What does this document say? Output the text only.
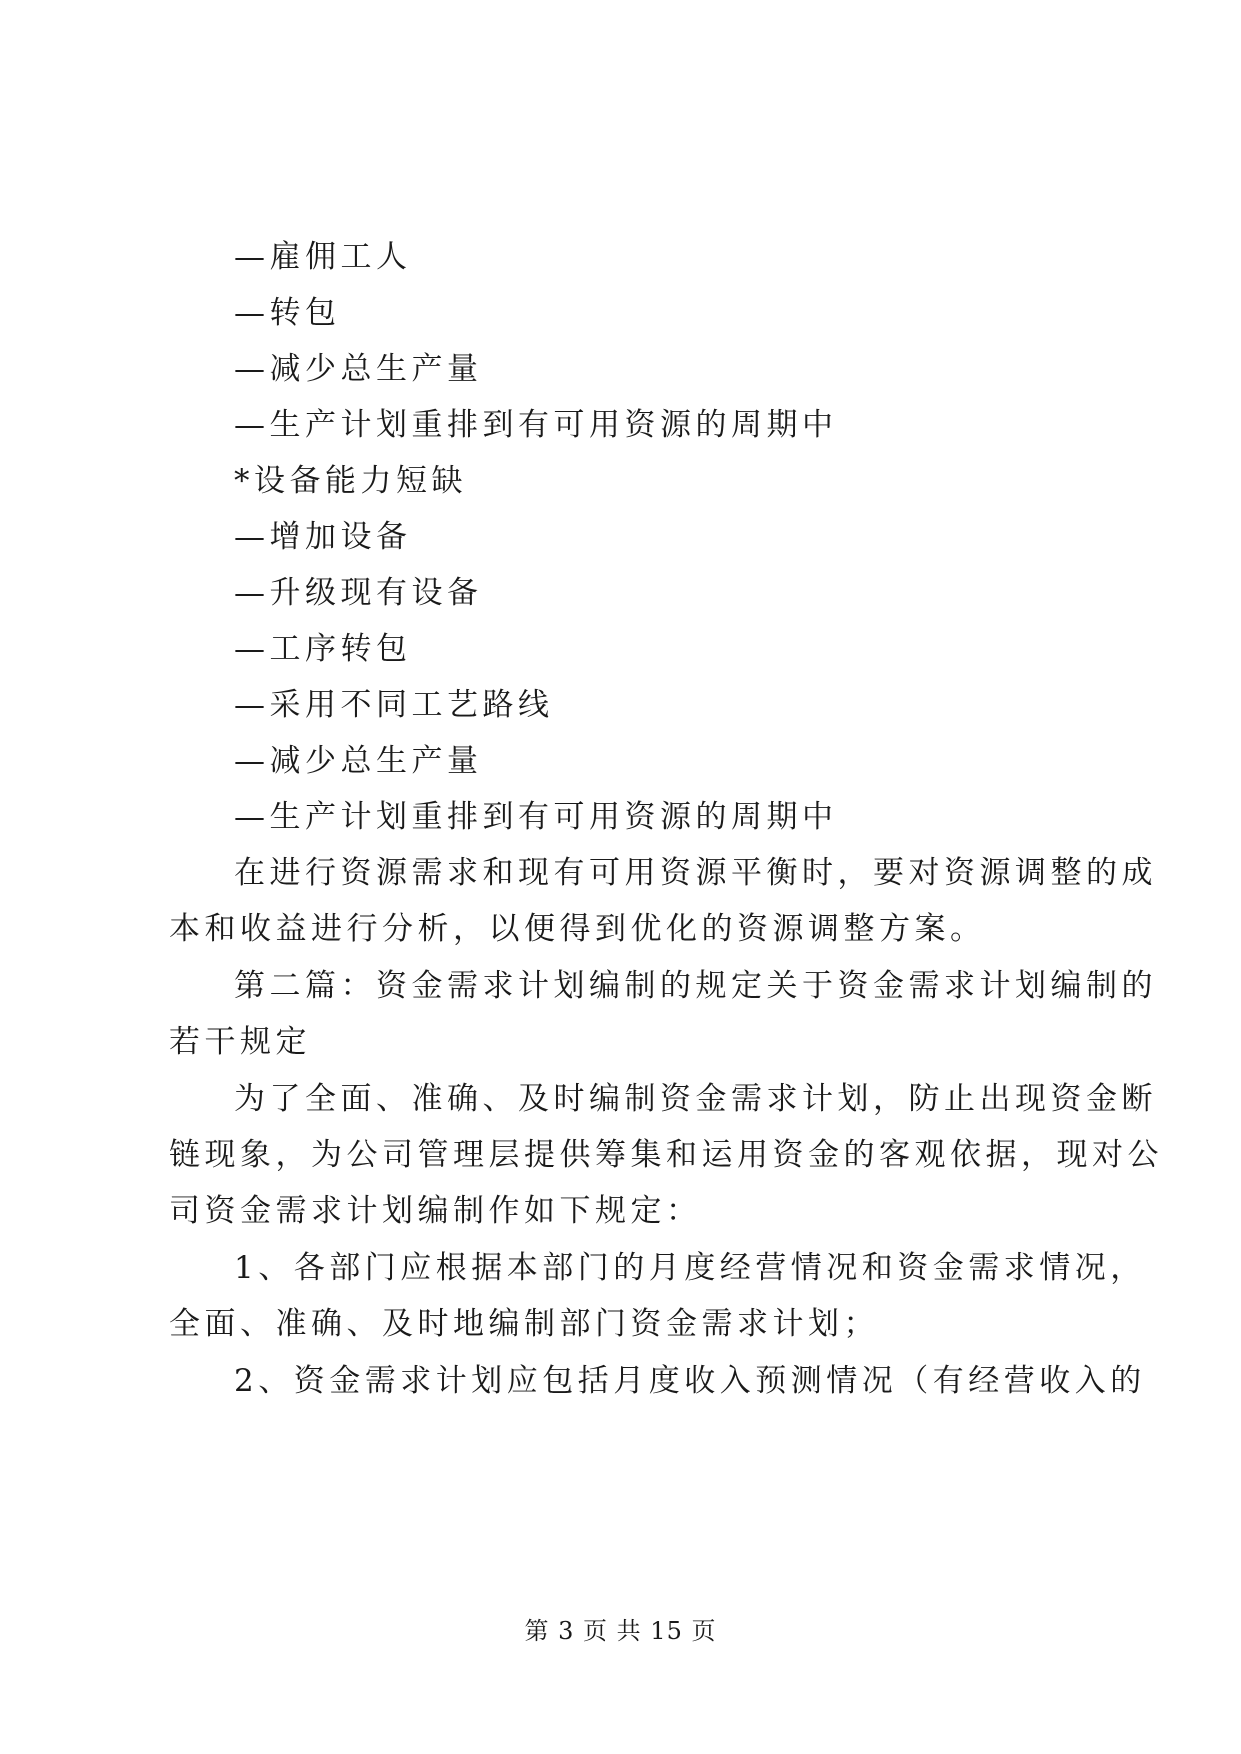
—雇佣工人
—转包
—减少总生产量
—生产计划重排到有可用资源的周期中
*设备能力短缺
—增加设备
—升级现有设备
—工序转包
—采用不同工艺路线
—减少总生产量
—生产计划重排到有可用资源的周期中
在进行资源需求和现有可用资源平衡时，要对资源调整的成
本和收益进行分析，以便得到优化的资源调整方案。
第二篇：资金需求计划编制的规定关于资金需求计划编制的
若干规定
为了全面、准确、及时编制资金需求计划，防止出现资金断
链现象，为公司管理层提供筹集和运用资金的客观依据，现对公
司资金需求计划编制作如下规定：
1、各部门应根据本部门的月度经营情况和资金需求情况，
全面、准确、及时地编制部门资金需求计划；
2、资金需求计划应包括月度收入预测情况（有经营收入的
第 3 页 共 15 页
